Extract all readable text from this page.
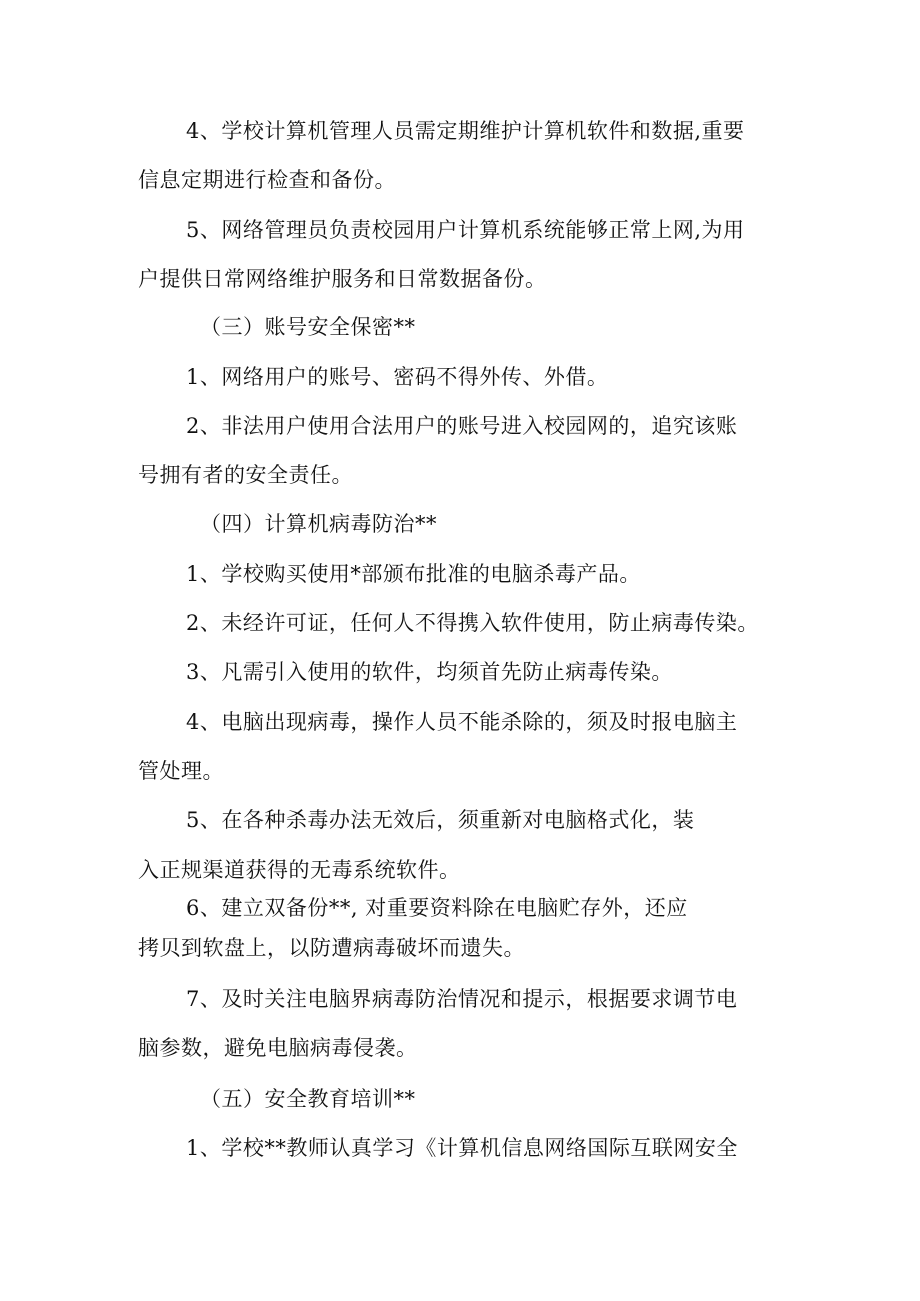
4、学校计算机管理人员需定期维护计算机软件和数据,重要

信息定期进行检查和备份。

5、网络管理员负责校园用户计算机系统能够正常上网,为用

户提供日常网络维护服务和日常数据备份。

（三）账号安全保密**

1、网络用户的账号、密码不得外传、外借。

2、非法用户使用合法用户的账号进入校园网的，追究该账

号拥有者的安全责任。

（四）计算机病毒防治**

1、学校购买使用*部颁布批准的电脑杀毒产品。

2、未经许可证，任何人不得携入软件使用，防止病毒传染。

3、凡需引入使用的软件，均须首先防止病毒传染。

4、电脑出现病毒，操作人员不能杀除的，须及时报电脑主

管处理。

5、在各种杀毒办法无效后，须重新对电脑格式化，装

入正规渠道获得的无毒系统软件。

6、建立双备份**, 对重要资料除在电脑贮存外，还应

拷贝到软盘上，以防遭病毒破坏而遗失。

7、及时关注电脑界病毒防治情况和提示，根据要求调节电

脑参数，避免电脑病毒侵袭。

（五）安全教育培训**

1、学校**教师认真学习《计算机信息网络国际互联网安全
